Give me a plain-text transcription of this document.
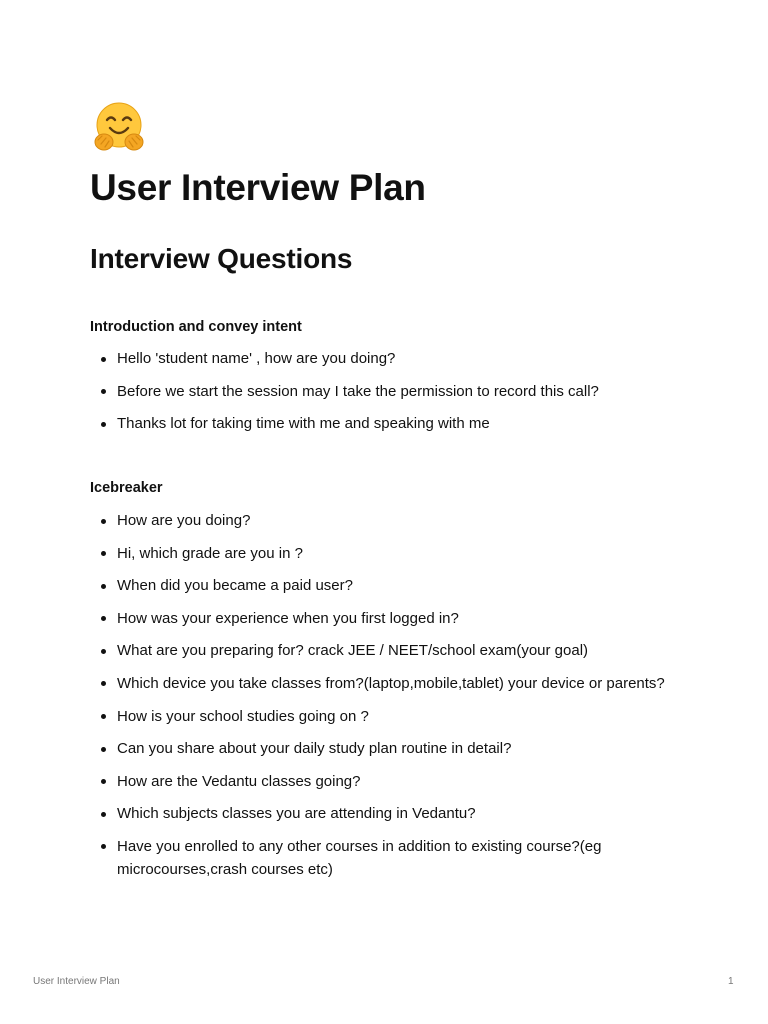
User Interview Plan
Interview Questions
Introduction and convey intent
Hello 'student name' , how are you doing?
Before we start the session may I take the permission to record this call?
Thanks lot for taking time with me and speaking with me
Icebreaker
How are you doing?
Hi, which grade are you in ?
When did you became a paid user?
How was your experience when you first logged in?
What are you preparing for? crack JEE / NEET/school exam(your goal)
Which device you take classes from?(laptop,mobile,tablet) your device or parents?
How is your school studies going on ?
Can you share about your daily study plan routine in detail?
How are the Vedantu classes going?
Which subjects classes you are attending in Vedantu?
Have you enrolled to any other courses in addition to existing course?(eg microcourses,crash courses etc)
User Interview Plan	1
